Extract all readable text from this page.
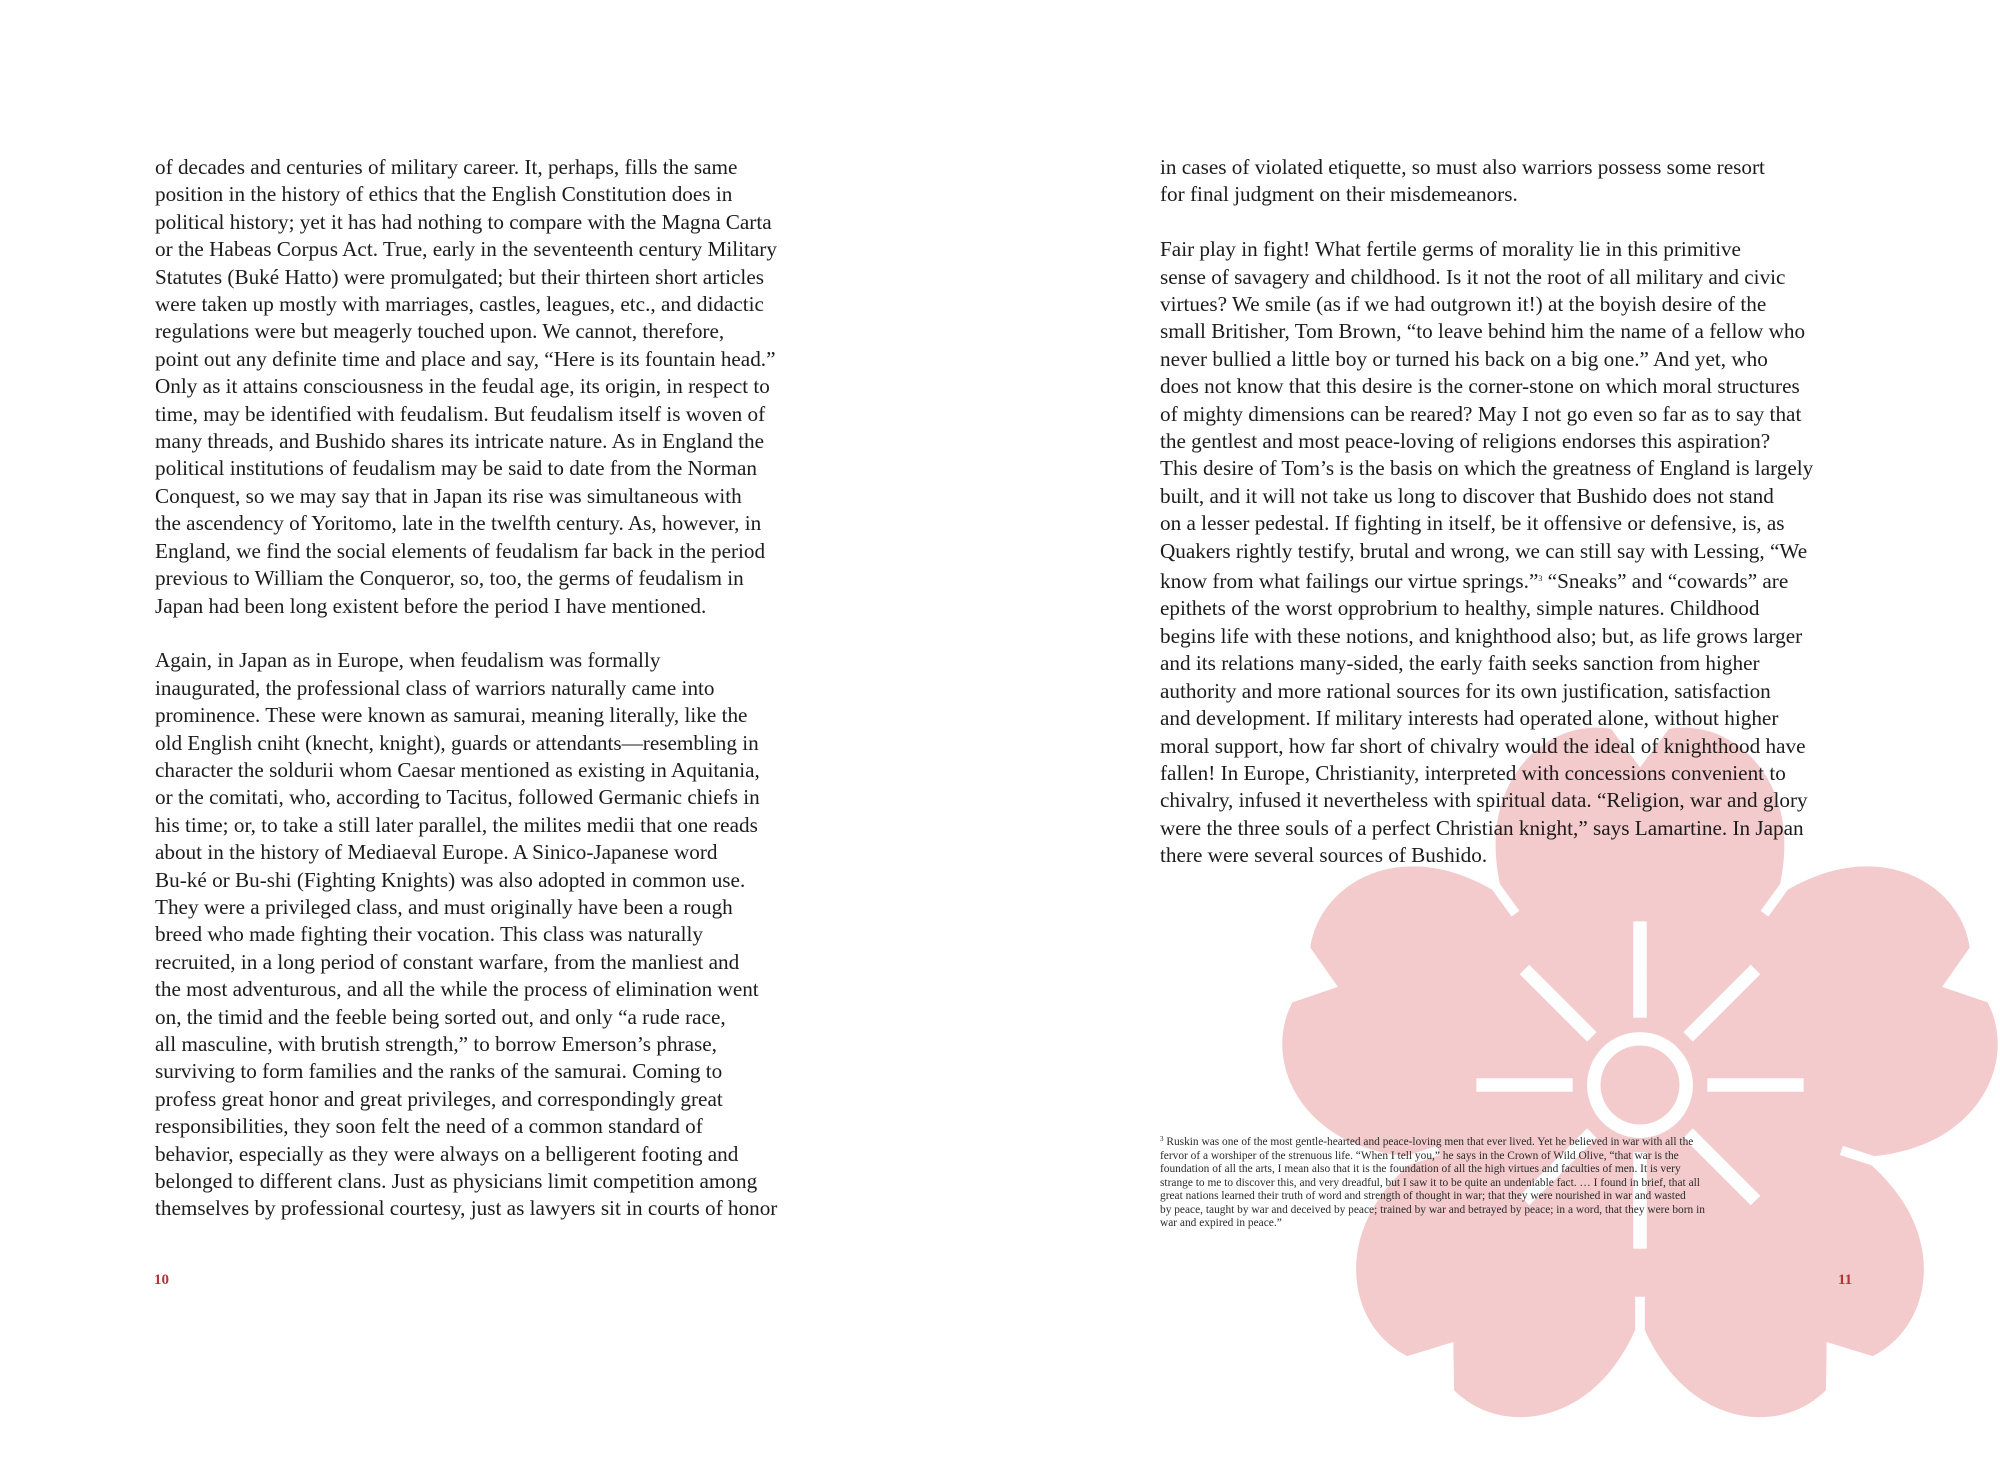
of decades and centuries of military career. It, perhaps, fills the same
position in the history of ethics that the English Constitution does in
political history; yet it has had nothing to compare with the Magna Carta
or the Habeas Corpus Act. True, early in the seventeenth century Military
Statutes (Buké Hatto) were promulgated; but their thirteen short articles
were taken up mostly with marriages, castles, leagues, etc., and didactic
regulations were but meagerly touched upon. We cannot, therefore,
point out any definite time and place and say, “Here is its fountain head.”
Only as it attains consciousness in the feudal age, its origin, in respect to
time, may be identified with feudalism. But feudalism itself is woven of
many threads, and Bushido shares its intricate nature. As in England the
political institutions of feudalism may be said to date from the Norman
Conquest, so we may say that in Japan its rise was simultaneous with
the ascendency of Yoritomo, late in the twelfth century. As, however, in
England, we find the social elements of feudalism far back in the period
previous to William the Conqueror, so, too, the germs of feudalism in
Japan had been long existent before the period I have mentioned.

Again, in Japan as in Europe, when feudalism was formally
inaugurated, the professional class of warriors naturally came into
prominence. These were known as samurai, meaning literally, like the
old English cniht (knecht, knight), guards or attendants—resembling in
character the soldurii whom Caesar mentioned as existing in Aquitania,
or the comitati, who, according to Tacitus, followed Germanic chiefs in
his time; or, to take a still later parallel, the milites medii that one reads
about in the history of Mediaeval Europe. A Sinico-Japanese word
Bu-ké or Bu-shi (Fighting Knights) was also adopted in common use.
They were a privileged class, and must originally have been a rough
breed who made fighting their vocation. This class was naturally
recruited, in a long period of constant warfare, from the manliest and
the most adventurous, and all the while the process of elimination went
on, the timid and the feeble being sorted out, and only “a rude race,
all masculine, with brutish strength,” to borrow Emerson’s phrase,
surviving to form families and the ranks of the samurai. Coming to
profess great honor and great privileges, and correspondingly great
responsibilities, they soon felt the need of a common standard of
behavior, especially as they were always on a belligerent footing and
belonged to different clans. Just as physicians limit competition among
themselves by professional courtesy, just as lawyers sit in courts of honor

10

in cases of violated etiquette, so must also warriors possess some resort
for final judgment on their misdemeanors.

Fair play in fight! What fertile germs of morality lie in this primitive
sense of savagery and childhood. Is it not the root of all military and civic
virtues? We smile (as if we had outgrown it!) at the boyish desire of the
small Britisher, Tom Brown, “to leave behind him the name of a fellow who
never bullied a little boy or turned his back on a big one.” And yet, who
does not know that this desire is the corner-stone on which moral structures
of mighty dimensions can be reared? May I not go even so far as to say that
the gentlest and most peace-loving of religions endorses this aspiration?
This desire of Tom’s is the basis on which the greatness of England is largely
built, and it will not take us long to discover that Bushido does not stand
on a lesser pedestal. If fighting in itself, be it offensive or defensive, is, as
Quakers rightly testify, brutal and wrong, we can still say with Lessing, “We
know from what failings our virtue springs.”$^3$ “Sneaks” and “cowards” are
epithets of the worst opprobrium to healthy, simple natures. Childhood
begins life with these notions, and knighthood also; but, as life grows larger
and its relations many-sided, the early faith seeks sanction from higher
authority and more rational sources for its own justification, satisfaction
and development. If military interests had operated alone, without higher
moral support, how far short of chivalry would the ideal of knighthood have
fallen! In Europe, Christianity, interpreted with concessions convenient to
chivalry, infused it nevertheless with spiritual data. “Religion, war and glory
were the three souls of a perfect Christian knight,” says Lamartine. In Japan
there were several sources of Bushido.

$^3$ Ruskin was one of the most gentle-hearted and peace-loving men that ever lived. Yet he believed in war with all the
fervor of a worshiper of the strenuous life. “When I tell you,” he says in the Crown of Wild Olive, “that war is the
foundation of all the arts, I mean also that it is the foundation of all the high virtues and faculties of men. It is very
strange to me to discover this, and very dreadful, but I saw it to be quite an undeniable fact. … I found in brief, that all
great nations learned their truth of word and strength of thought in war; that they were nourished in war and wasted
by peace, taught by war and deceived by peace; trained by war and betrayed by peace; in a word, that they were born in
war and expired in peace.”

11
